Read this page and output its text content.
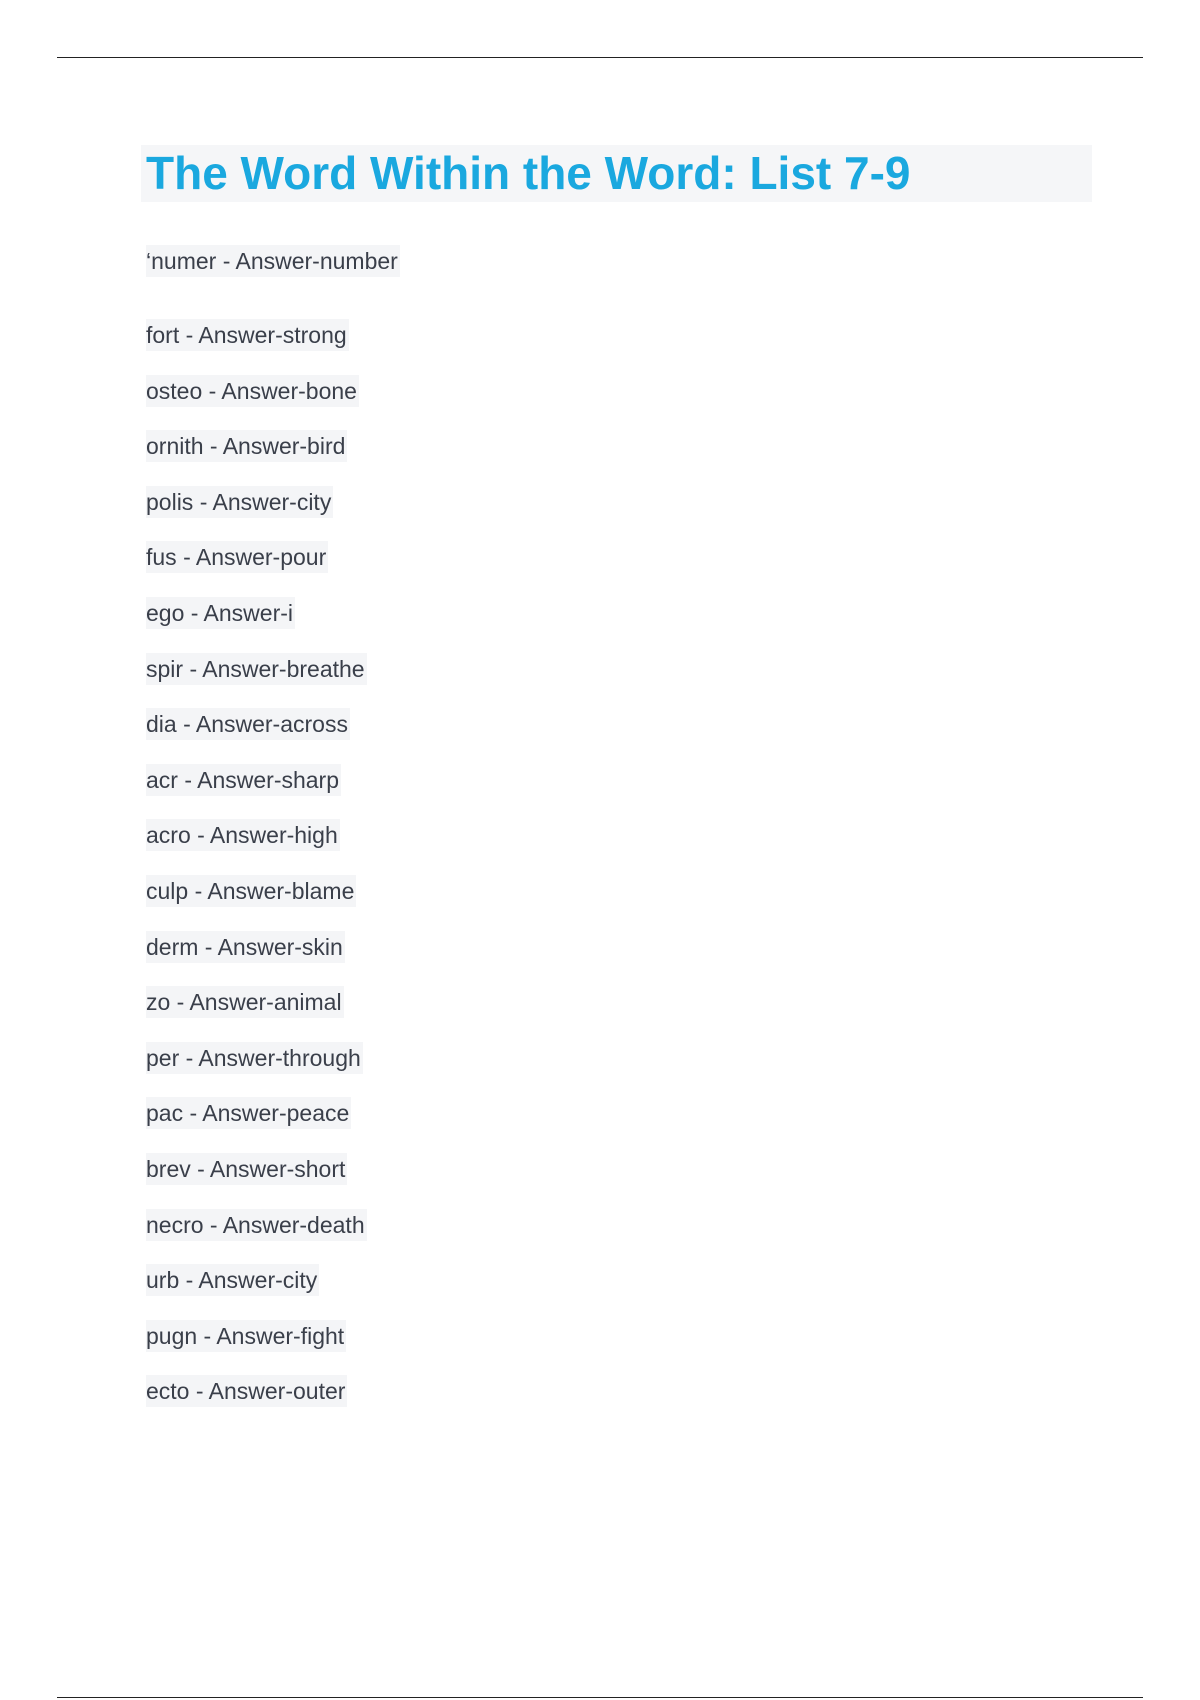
The Word Within the Word: List 7-9
‘numer - Answer-number
fort - Answer-strong
osteo - Answer-bone
ornith - Answer-bird
polis - Answer-city
fus - Answer-pour
ego - Answer-i
spir - Answer-breathe
dia - Answer-across
acr - Answer-sharp
acro - Answer-high
culp - Answer-blame
derm - Answer-skin
zo - Answer-animal
per - Answer-through
pac - Answer-peace
brev - Answer-short
necro - Answer-death
urb - Answer-city
pugn - Answer-fight
ecto - Answer-outer
